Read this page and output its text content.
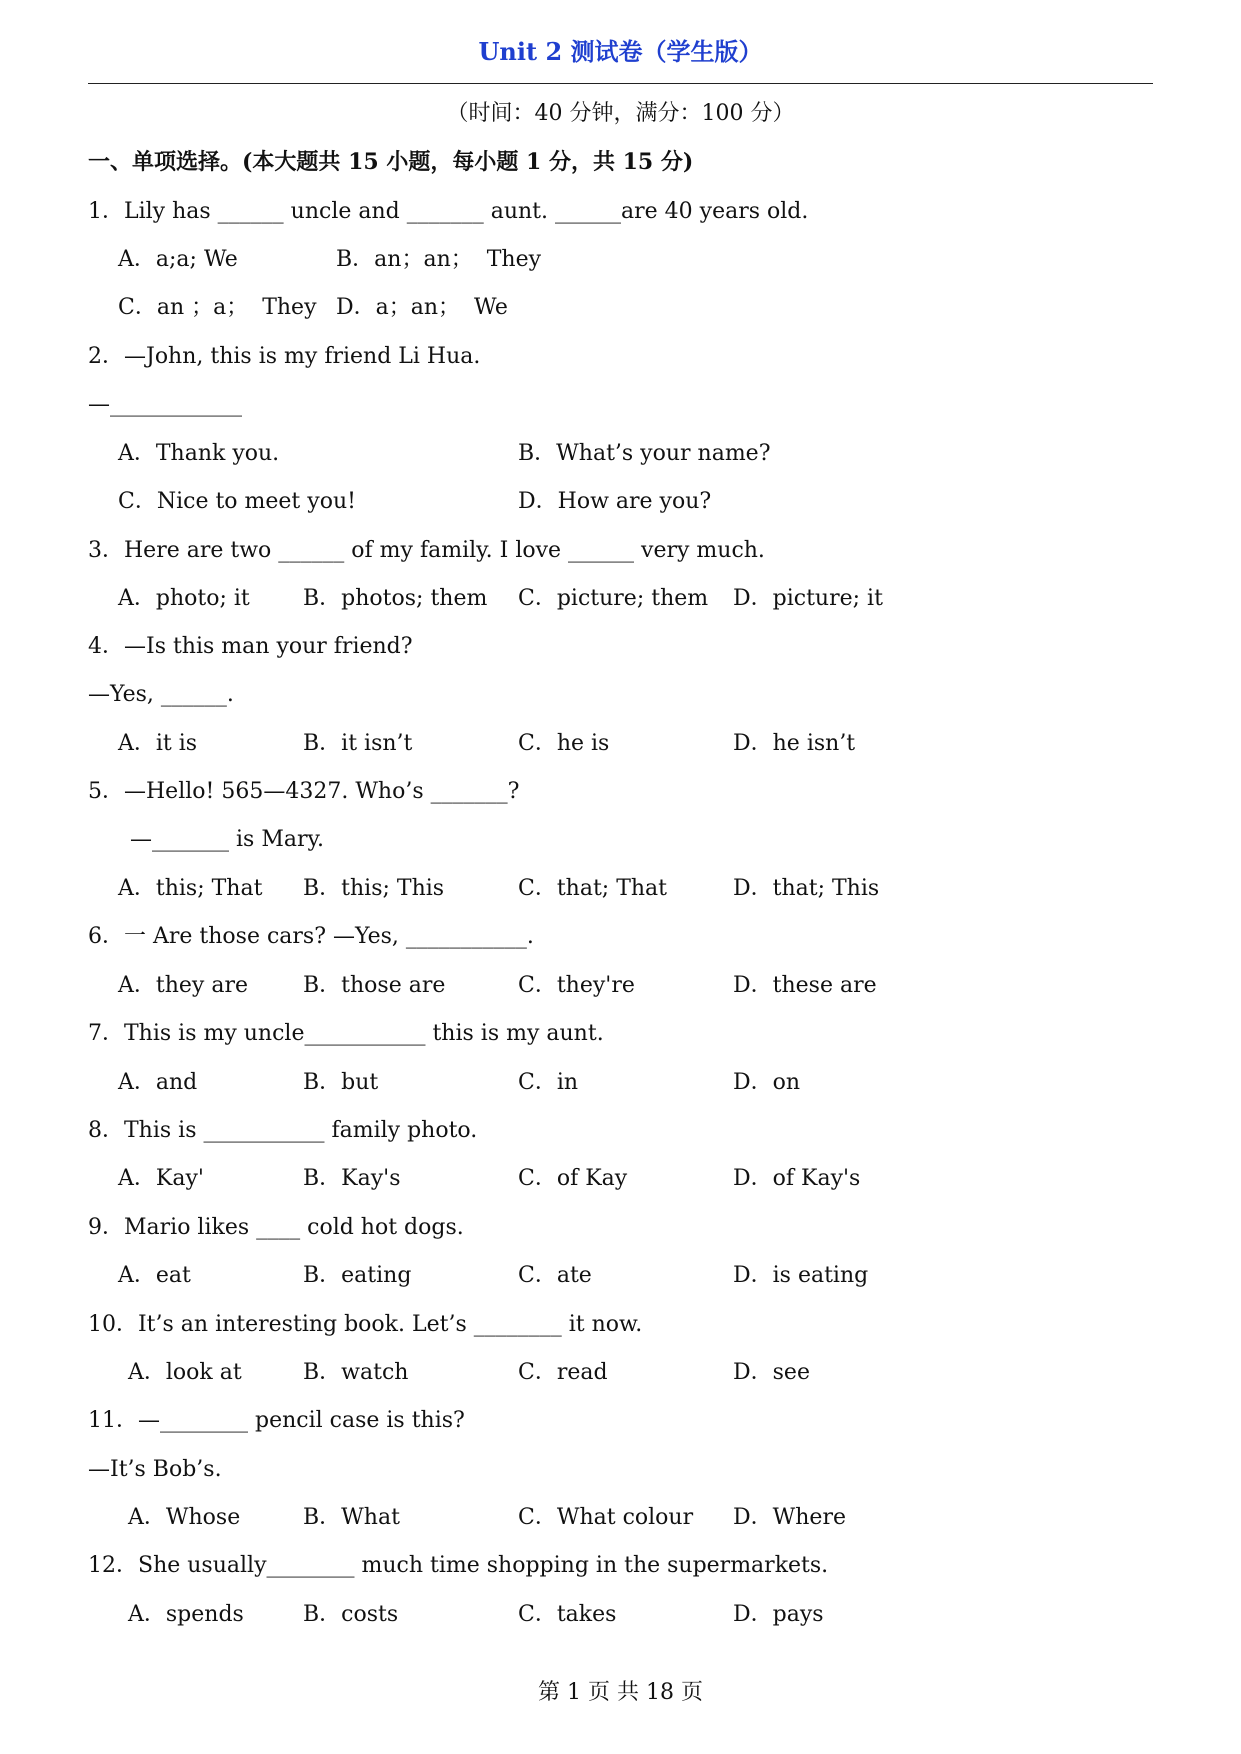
Unit 2 测试卷（学生版）
（时间：40 分钟，满分：100 分）
一、单项选择。(本大题共 15 小题，每小题 1 分，共 15 分)
1．Lily has ______ uncle and _______ aunt. ______are 40 years old.
A．a;a; We	B．an；an；  They
C．an ；a；  They D．a；an；  We
2．—John, this is my friend Li Hua.
—____________
A．Thank you.	B．What’s your name?
C．Nice to meet you!	D．How are you?
3．Here are two ______ of my family. I love ______ very much.
A．photo; it B．photos; them C．picture; them D．picture; it
4．—Is this man your friend?
—Yes, ______.
A．it is	B．it isn’t	C．he is	D．he isn’t
5．—Hello! 565—4327. Who’s _______?
—_______ is Mary.
A．this; That B．this; This	C．that; That	D．that; This
6．一 Are those cars? —Yes, ___________.
A．they are	B．those are	C．they're	D．these are
7．This is my uncle___________ this is my aunt.
A．and	B．but	C．in	D．on
8．This is ___________ family photo.
A．Kay'	B．Kay's	C．of Kay	D．of Kay's
9．Mario likes ____ cold hot dogs.
A．eat	B．eating	C．ate	D．is eating
10．It’s an interesting book. Let’s ________ it now.
A．look at	B．watch	C．read	D．see
11．—________ pencil case is this?
—It’s Bob’s.
A．Whose	B．What	C．What colour D．Where
12．She usually________ much time shopping in the supermarkets.
A．spends	B．costs	C．takes	D．pays
第 1 页 共 18 页
